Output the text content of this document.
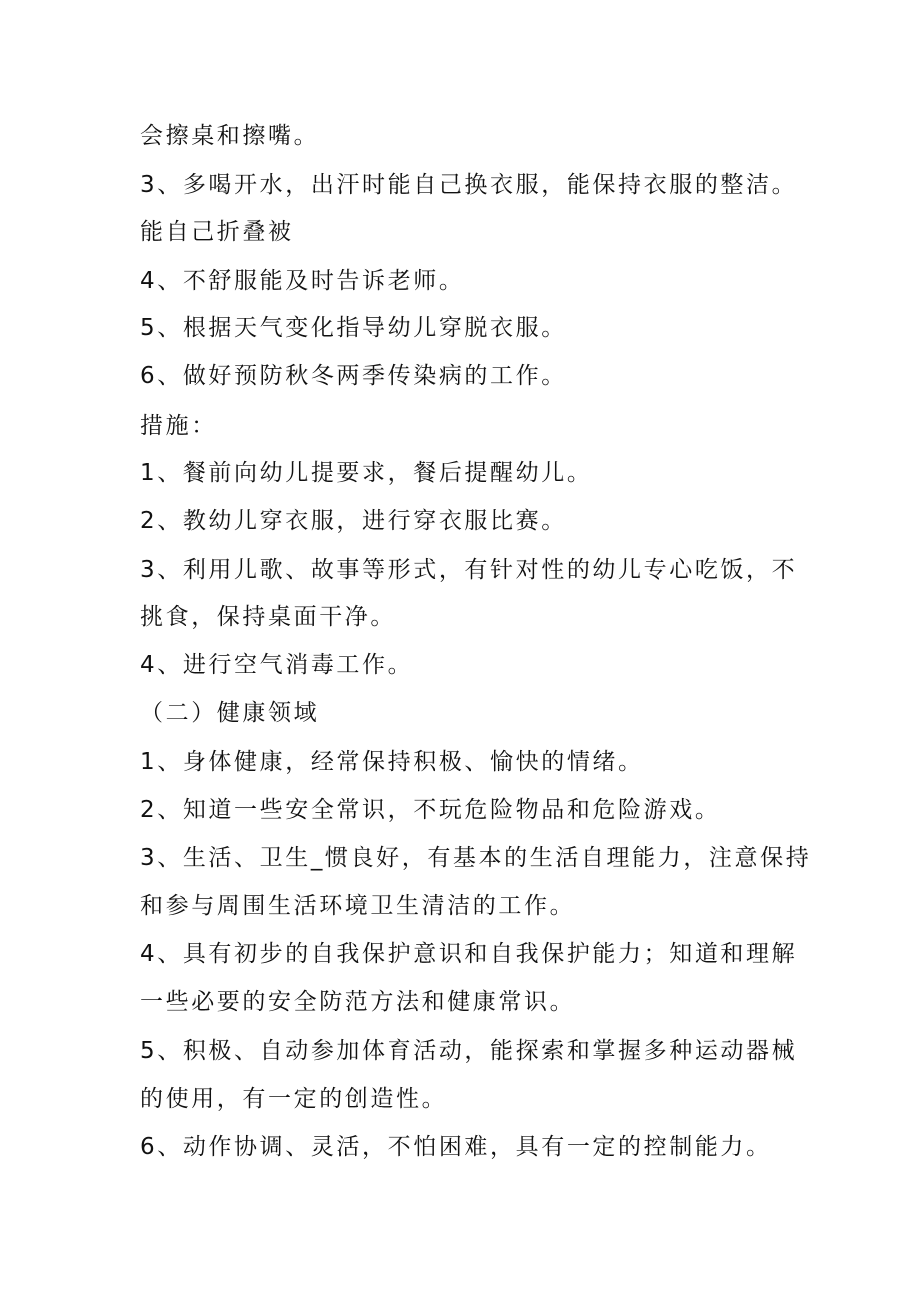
会擦桌和擦嘴。
3、多喝开水，出汗时能自己换衣服，能保持衣服的整洁。
能自己折叠被
4、不舒服能及时告诉老师。
5、根据天气变化指导幼儿穿脱衣服。
6、做好预防秋冬两季传染病的工作。
措施：
1、餐前向幼儿提要求，餐后提醒幼儿。
2、教幼儿穿衣服，进行穿衣服比赛。
3、利用儿歌、故事等形式，有针对性的幼儿专心吃饭，不
挑食，保持桌面干净。
4、进行空气消毒工作。
（二）健康领域
1、身体健康，经常保持积极、愉快的情绪。
2、知道一些安全常识，不玩危险物品和危险游戏。
3、生活、卫生_惯良好，有基本的生活自理能力，注意保持
和参与周围生活环境卫生清洁的工作。
4、具有初步的自我保护意识和自我保护能力；知道和理解
一些必要的安全防范方法和健康常识。
5、积极、自动参加体育活动，能探索和掌握多种运动器械
的使用，有一定的创造性。
6、动作协调、灵活，不怕困难，具有一定的控制能力。
